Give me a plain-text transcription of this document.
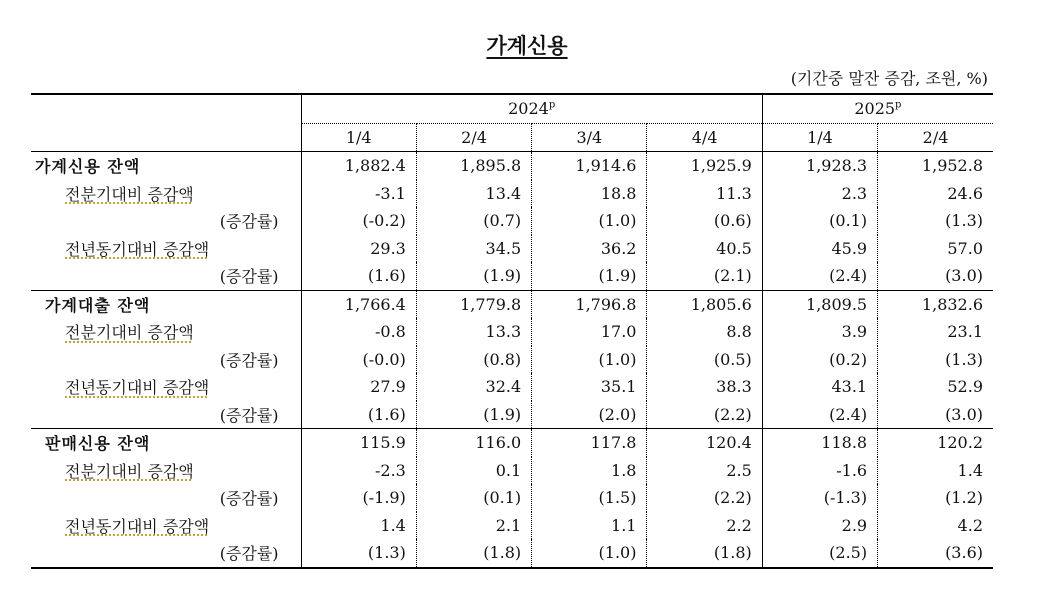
가계신용
(기간중 말잔 증감, 조원, %)
	2024$^p$				2025$^p$
	1/4	2/4	3/4	4/4	1/4	2/4
가계신용 잔액	1,882.4	1,895.8	1,914.6	1,925.9	1,928.3	1,952.8
전분기대비 증감액	-3.1	13.4	18.8	11.3	2.3	24.6
(증감률)	(-0.2)	(0.7)	(1.0)	(0.6)	(0.1)	(1.3)
전년동기대비 증감액	29.3	34.5	36.2	40.5	45.9	57.0
(증감률)	(1.6)	(1.9)	(1.9)	(2.1)	(2.4)	(3.0)
가계대출 잔액	1,766.4	1,779.8	1,796.8	1,805.6	1,809.5	1,832.6
전분기대비 증감액	-0.8	13.3	17.0	8.8	3.9	23.1
(증감률)	(-0.0)	(0.8)	(1.0)	(0.5)	(0.2)	(1.3)
전년동기대비 증감액	27.9	32.4	35.1	38.3	43.1	52.9
(증감률)	(1.6)	(1.9)	(2.0)	(2.2)	(2.4)	(3.0)
판매신용 잔액	115.9	116.0	117.8	120.4	118.8	120.2
전분기대비 증감액	-2.3	0.1	1.8	2.5	-1.6	1.4
(증감률)	(-1.9)	(0.1)	(1.5)	(2.2)	(-1.3)	(1.2)
전년동기대비 증감액	1.4	2.1	1.1	2.2	2.9	4.2
(증감률)	(1.3)	(1.8)	(1.0)	(1.8)	(2.5)	(3.6)
